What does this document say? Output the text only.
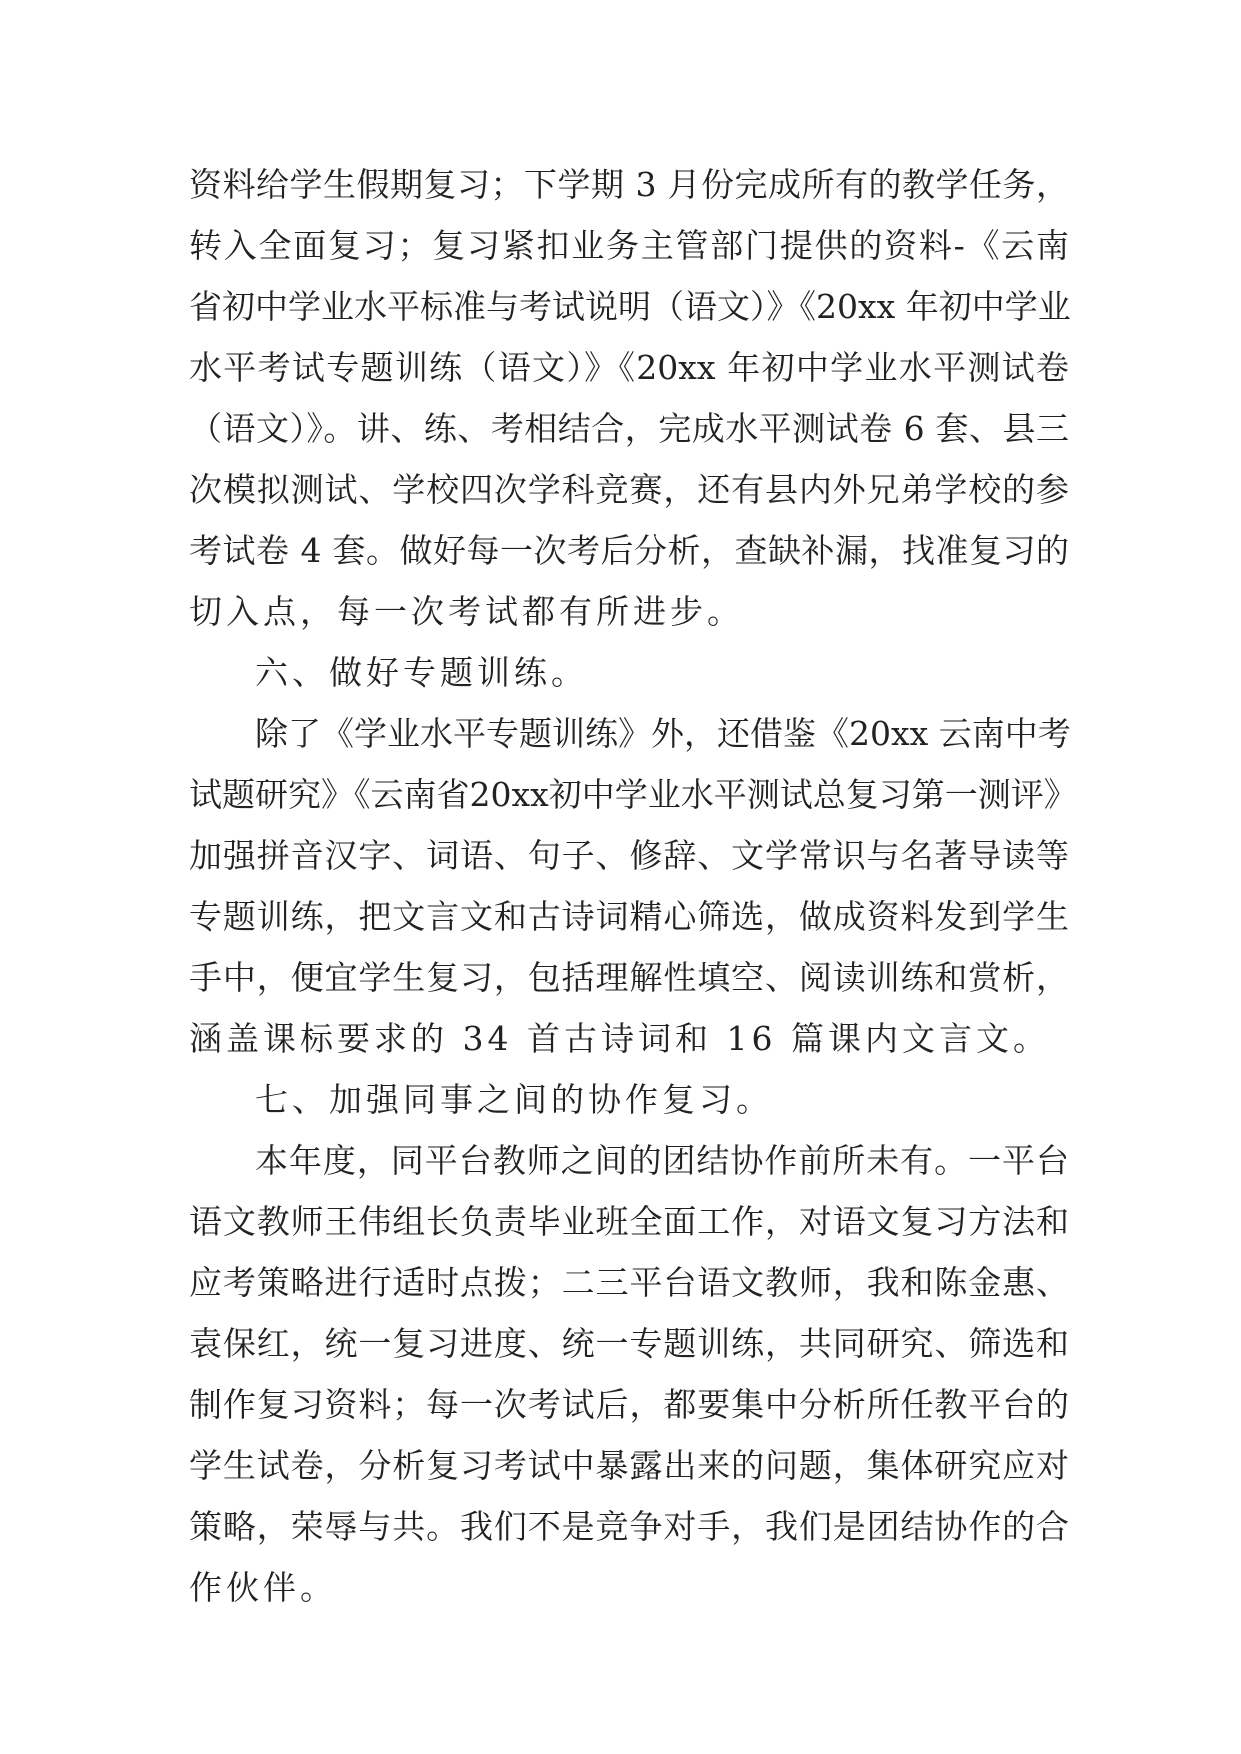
资料给学生假期复习；下学期 3 月份完成所有的教学任务，
转入全面复习；复习紧扣业务主管部门提供的资料-《云南
省初中学业水平标准与考试说明（语文）》《20xx 年初中学业
水平考试专题训练（语文）》《20xx 年初中学业水平测试卷
（语文）》。讲、练、考相结合，完成水平测试卷 6 套、县三
次模拟测试、学校四次学科竞赛，还有县内外兄弟学校的参
考试卷 4 套。做好每一次考后分析，查缺补漏，找准复习的
切入点，每一次考试都有所进步。
六、做好专题训练。
除了《学业水平专题训练》外，还借鉴《20xx 云南中考
试题研究》《云南省20xx初中学业水平测试总复习第一测评》
加强拼音汉字、词语、句子、修辞、文学常识与名著导读等
专题训练，把文言文和古诗词精心筛选，做成资料发到学生
手中，便宜学生复习，包括理解性填空、阅读训练和赏析，
涵盖课标要求的 34 首古诗词和 16 篇课内文言文。
七、加强同事之间的协作复习。
本年度，同平台教师之间的团结协作前所未有。一平台
语文教师王伟组长负责毕业班全面工作，对语文复习方法和
应考策略进行适时点拨；二三平台语文教师，我和陈金惠、
袁保红，统一复习进度、统一专题训练，共同研究、筛选和
制作复习资料；每一次考试后，都要集中分析所任教平台的
学生试卷，分析复习考试中暴露出来的问题，集体研究应对
策略，荣辱与共。我们不是竞争对手，我们是团结协作的合
作伙伴。
